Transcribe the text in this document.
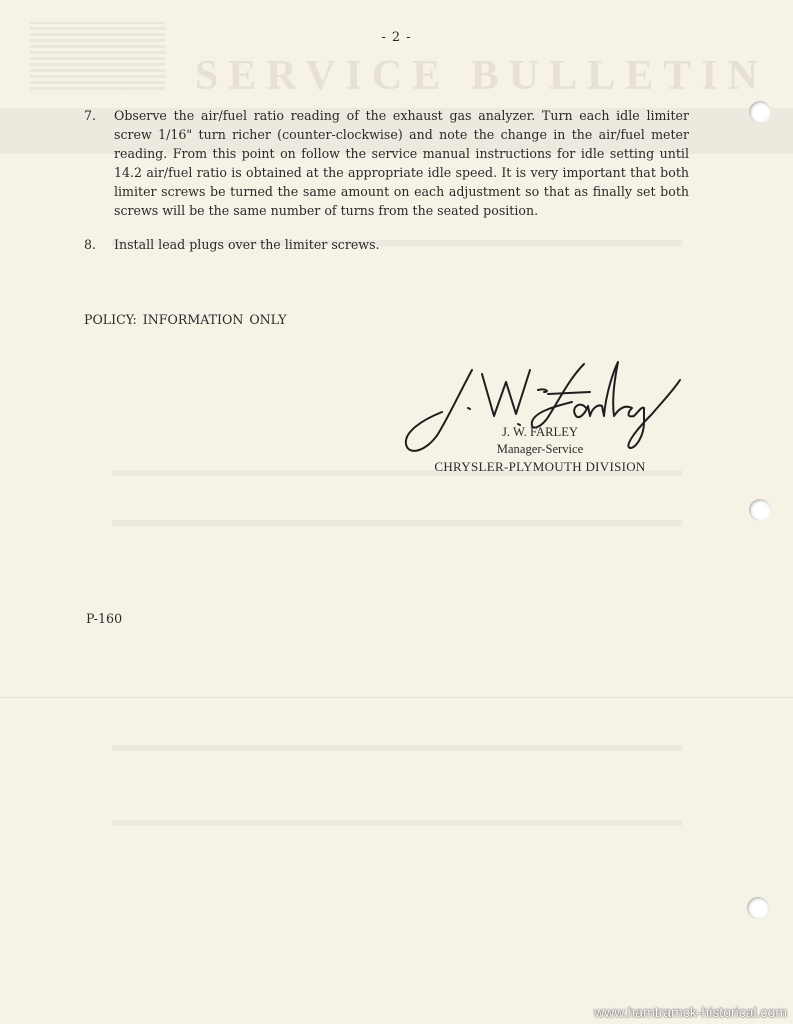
SERVICE BULLETIN
- 2 -
7.	Observe the air/fuel ratio reading of the exhaust gas analyzer. Turn each idle limiter screw 1/16" turn richer (counter-clockwise) and note the change in the air/fuel meter reading. From this point on follow the service manual instructions for idle setting until 14.2 air/fuel ratio is obtained at the appropriate idle speed. It is very important that both limiter screws be turned the same amount on each adjustment so that as finally set both screws will be the same number of turns from the seated position.
8.	Install lead plugs over the limiter screws.
POLICY: INFORMATION ONLY
J. W. FARLEY
Manager-Service
CHRYSLER-PLYMOUTH DIVISION
P-160
www.hamtramck-historical.com
